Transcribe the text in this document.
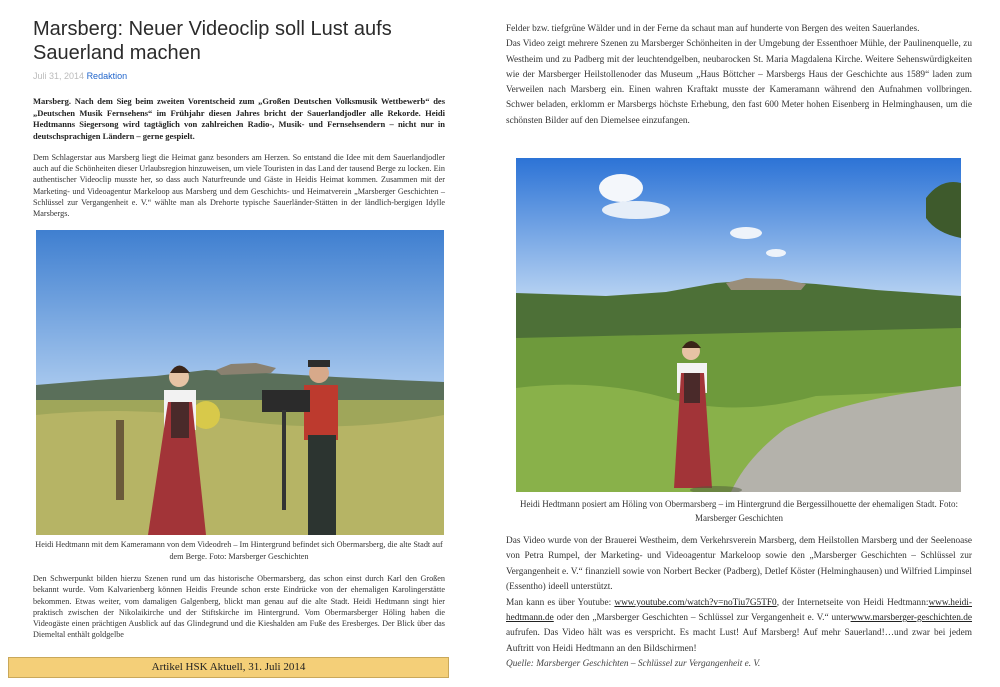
Marsberg: Neuer Videoclip soll Lust aufs Sauerland machen
Juli 31, 2014 Redaktion
Marsberg. Nach dem Sieg beim zweiten Vorentscheid zum „Großen Deutschen Volksmusik Wettbewerb“ des „Deutschen Musik Fernsehens“ im Frühjahr diesen Jahres bricht der Sauerlandjodler alle Rekorde. Heidi Hedtmanns Siegersong wird tagtäglich von zahlreichen Radio-, Musik- und Fernsehsendern – nicht nur in deutschsprachigen Ländern – gerne gespielt.
Dem Schlagerstar aus Marsberg liegt die Heimat ganz besonders am Herzen. So entstand die Idee mit dem Sauerlandjodler auch auf die Schönheiten dieser Urlaubsregion hinzuweisen, um viele Touristen in das Land der tausend Berge zu locken. Ein authentischer Videoclip musste her, so dass auch Naturfreunde und Gäste in Heidis Heimat kommen. Zusammen mit der Marketing- und Videoagentur Markeloop aus Marsberg und dem Geschichts- und Heimatverein „Marsberger Geschichten – Schlüssel zur Vergangenheit e. V.“ wählte man als Drehorte typische Sauerländer-Stätten in der ländlich-bergigen Idylle Marsbergs.
Heidi Hedtmann mit dem Kameramann von dem Videodreh – Im Hintergrund befindet sich Obermarsberg, die alte Stadt auf dem Berge. Foto: Marsberger Geschichten
Den Schwerpunkt bilden hierzu Szenen rund um das historische Obermarsberg, das schon einst durch Karl den Großen bekannt wurde. Vom Kalvarienberg können Heidis Freunde schon erste Eindrücke von der ehemaligen Karolingerstätte bekommen. Etwas weiter, vom damaligen Galgenberg, blickt man genau auf die alte Stadt. Heidi Hedtmann singt hier praktisch zwischen der Nikolaikirche und der Stiftskirche im Hintergrund. Vom Obermarsberger Höling haben die Videogäste einen prächtigen Ausblick auf das Glindegrund und die Kieshalden am Fuße des Eresberges. Der Blick über das Diemeltal enthält goldgelbe
Artikel HSK Aktuell, 31. Juli 2014

Felder bzw. tiefgrüne Wälder und in der Ferne da schaut man auf hunderte von Bergen des weiten Sauerlandes.

Das Video zeigt mehrere Szenen zu Marsberger Schönheiten in der Umgebung der Essenthoer Mühle, der Paulinenquelle, zu Westheim und zu Padberg mit der leuchtendgelben, neubarocken St. Maria Magdalena Kirche. Weitere Sehenswürdigkeiten wie der Marsberger Heilstollenoder das Museum „Haus Böttcher – Marsbergs Haus der Geschichte aus 1589“ laden zum Verweilen nach Marsberg ein. Einen wahren Kraftakt musste der Kameramann während den Aufnahmen vollbringen. Schwer beladen, erklomm er Marsbergs höchste Erhebung, den fast 600 Meter hohen Eisenberg in Helminghausen, um die schönsten Bilder auf den Diemelsee einzufangen.

Heidi Hedtmann posiert am Höling von Obermarsberg – im Hintergrund die Bergessilhouette der ehemaligen Stadt. Foto: Marsberger Geschichten

Das Video wurde von der Brauerei Westheim, dem Verkehrsverein Marsberg, dem Heilstollen Marsberg und der Seelenoase von Petra Rumpel, der Marketing- und Videoagentur Markeloop sowie den „Marsberger Geschichten – Schlüssel zur Vergangenheit e. V.“ finanziell sowie von Norbert Becker (Padberg), Detlef Köster (Helminghausen) und Wilfried Limpinsel (Essentho) ideell unterstützt.

Man kann es über Youtube: www.youtube.com/watch?v=noTiu7G5TF0, der Internetseite von Heidi Hedtmann:www.heidi-hedtmann.de oder den „Marsberger Geschichten – Schlüssel zur Vergangenheit e. V.“ unterwww.marsberger-geschichten.de aufrufen. Das Video hält was es verspricht. Es macht Lust! Auf Marsberg! Auf mehr Sauerland!…und zwar bei jedem Auftritt von Heidi Hedtmann an den Bildschirmen!

Quelle: Marsberger Geschichten – Schlüssel zur Vergangenheit e. V.
